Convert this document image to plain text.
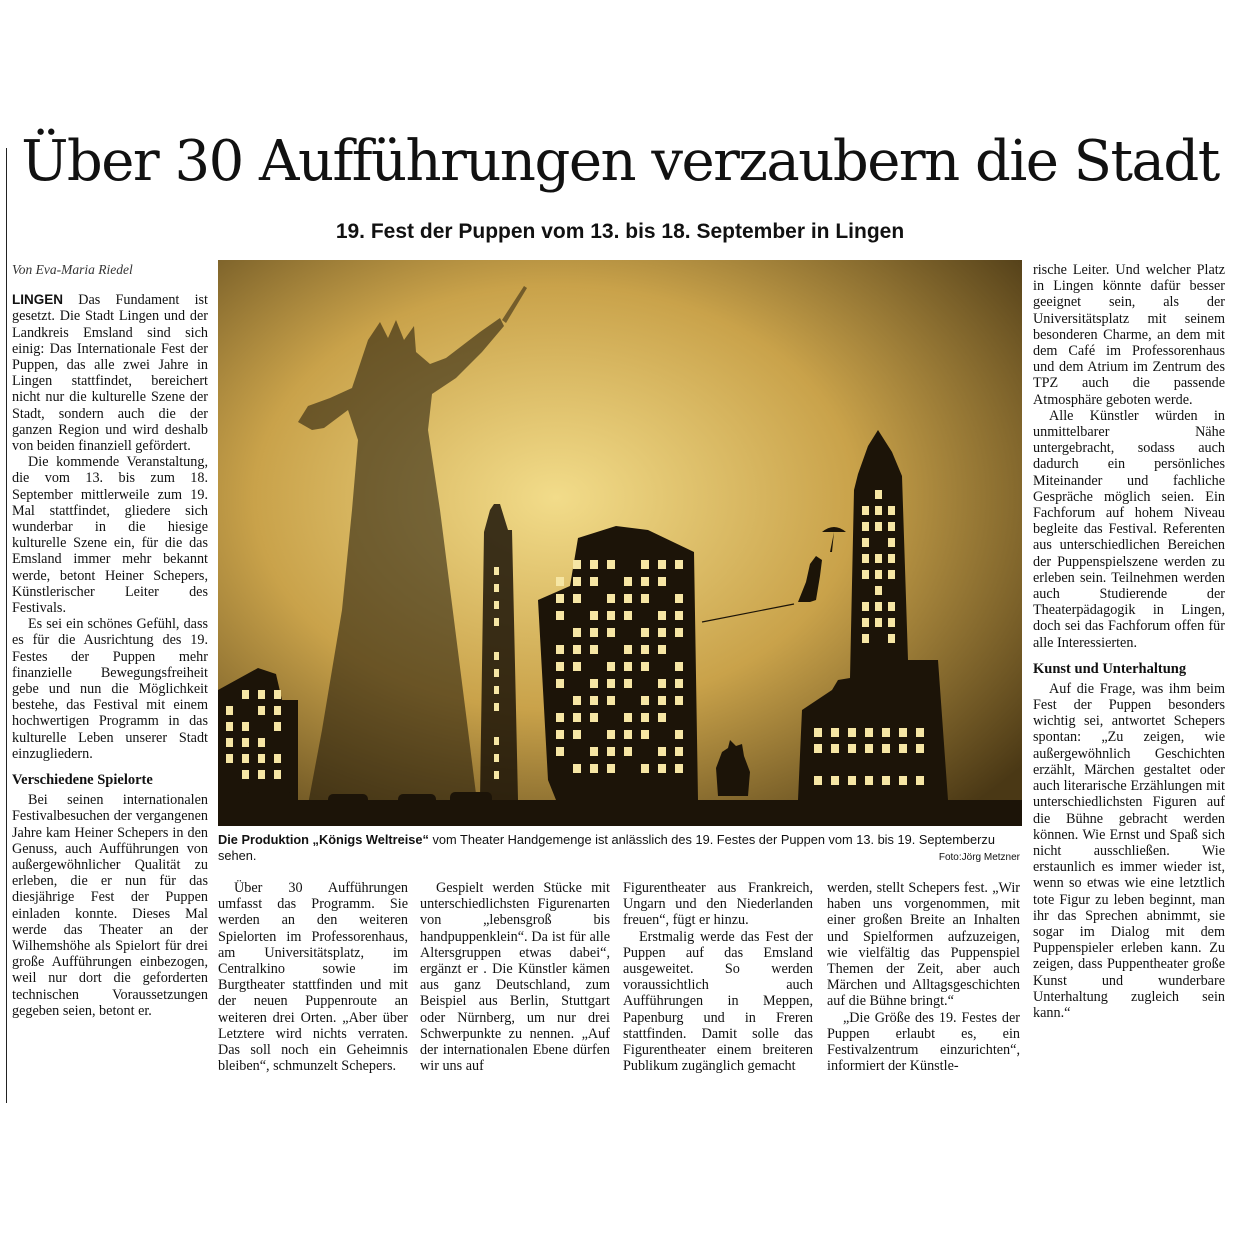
Über 30 Aufführungen verzaubern die Stadt
19. Fest der Puppen vom 13. bis 18. September in Lingen

Von Eva-Maria Riedel

LINGEN Das Fundament ist gesetzt. Die Stadt Lingen und der Landkreis Emsland sind sich einig: Das Internationale Fest der Puppen, das alle zwei Jahre in Lingen stattfindet, bereichert nicht nur die kulturelle Szene der Stadt, sondern auch die der ganzen Region und wird deshalb von beiden finanziell gefördert.

Die kommende Veranstaltung, die vom 13. bis zum 18. September mittlerweile zum 19. Mal stattfindet, gliedere sich wunderbar in die hiesige kulturelle Szene ein, für die das Emsland immer mehr bekannt werde, betont Heiner Schepers, Künstlerischer Leiter des Festivals.

Es sei ein schönes Gefühl, dass es für die Ausrichtung des 19. Festes der Puppen mehr finanzielle Bewegungsfreiheit gebe und nun die Möglichkeit bestehe, das Festival mit einem hochwertigen Programm in das kulturelle Leben unserer Stadt einzugliedern.

Verschiedene Spielorte

Bei seinen internationalen Festivalbesuchen der vergangenen Jahre kam Heiner Schepers in den Genuss, auch Aufführungen von außergewöhnlicher Qualität zu erleben, die er nun für das diesjährige Fest der Puppen einladen konnte. Dieses Mal werde das Theater an der Wilhemshöhe als Spielort für drei große Aufführungen einbezogen, weil nur dort die geforderten technischen Voraussetzungen gegeben seien, betont er.

Die Produktion „Königs Weltreise“ vom Theater Handgemenge ist anlässlich des 19. Festes der Puppen vom 13. bis 19. Septemberzu sehen.	Foto:Jörg Metzner

Über 30 Aufführungen umfasst das Programm. Sie werden an den weiteren Spielorten im Professorenhaus, am Universitätsplatz, im Centralkino sowie im Burgtheater stattfinden und mit der neuen Puppenroute an weiteren drei Orten. „Aber über Letztere wird nichts verraten. Das soll noch ein Geheimnis bleiben“, schmunzelt Schepers.

Gespielt werden Stücke mit unterschiedlichsten Figurenarten von „lebensgroß bis handpuppenklein“. Da ist für alle Altersgruppen etwas dabei“, ergänzt er . Die Künstler kämen aus ganz Deutschland, zum Beispiel aus Berlin, Stuttgart oder Nürnberg, um nur drei Schwerpunkte zu nennen. „Auf der internationalen Ebene dürfen wir uns auf

Figurentheater aus Frankreich, Ungarn und den Niederlanden freuen“, fügt er hinzu.

Erstmalig werde das Fest der Puppen auf das Emsland ausgeweitet. So werden voraussichtlich auch Aufführungen in Meppen, Papenburg und in Freren stattfinden. Damit solle das Figurentheater einem breiteren Publikum zugänglich gemacht

werden, stellt Schepers fest. „Wir haben uns vorgenommen, mit einer großen Breite an Inhalten und Spielformen aufzuzeigen, wie vielfältig das Puppenspiel Themen der Zeit, aber auch Märchen und Alltagsgeschichten auf die Bühne bringt.“

„Die Größe des 19. Festes der Puppen erlaubt es, ein Festivalzentrum einzurichten“, informiert der Künstle-

rische Leiter. Und welcher Platz in Lingen könnte dafür besser geeignet sein, als der Universitätsplatz mit seinem besonderen Charme, an dem mit dem Café im Professorenhaus und dem Atrium im Zentrum des TPZ auch die passende Atmosphäre geboten werde.

Alle Künstler würden in unmittelbarer Nähe untergebracht, sodass auch dadurch ein persönliches Miteinander und fachliche Gespräche möglich seien. Ein Fachforum auf hohem Niveau begleite das Festival. Referenten aus unterschiedlichen Bereichen der Puppenspielszene werden zu erleben sein. Teilnehmen werden auch Studierende der Theaterpädagogik in Lingen, doch sei das Fachforum offen für alle Interessierten.

Kunst und Unterhaltung

Auf die Frage, was ihm beim Fest der Puppen besonders wichtig sei, antwortet Schepers spontan: „Zu zeigen, wie außergewöhnlich Geschichten erzählt, Märchen gestaltet oder auch literarische Erzählungen mit unterschiedlichsten Figuren auf die Bühne gebracht werden können. Wie Ernst und Spaß sich nicht ausschließen. Wie erstaunlich es immer wieder ist, wenn so etwas wie eine letztlich tote Figur zu leben beginnt, man ihr das Sprechen abnimmt, sie sogar im Dialog mit dem Puppenspieler erleben kann. Zu zeigen, dass Puppentheater große Kunst und wunderbare Unterhaltung zugleich sein kann.“
